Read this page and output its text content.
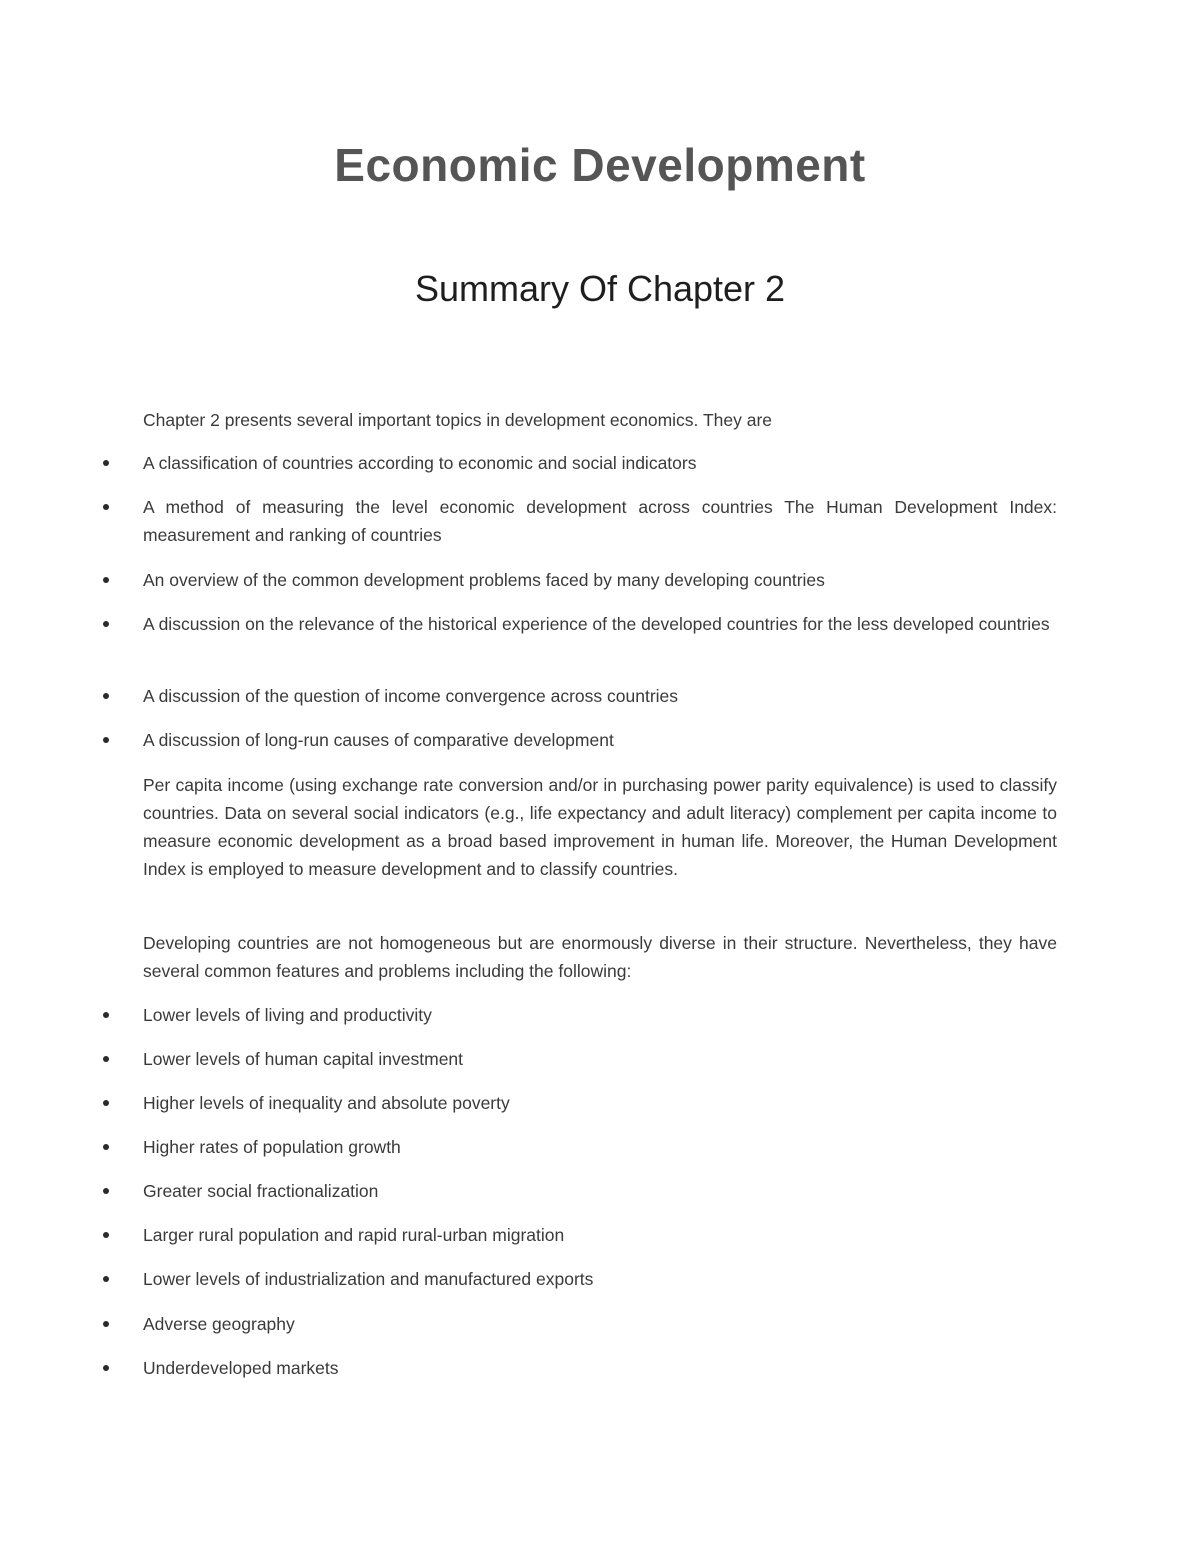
Economic Development
Summary Of Chapter 2

Chapter 2 presents several important topics in development economics. They are

A classification of countries according to economic and social indicators
A method of measuring the level economic development across countries The Human Development Index: measurement and ranking of countries
An overview of the common development problems faced by many developing countries
A discussion on the relevance of the historical experience of the developed countries for the less developed countries
A discussion of the question of income convergence across countries
A discussion of long-run causes of comparative development

Per capita income (using exchange rate conversion and/or in purchasing power parity equivalence) is used to classify countries. Data on several social indicators (e.g., life expectancy and adult literacy) complement per capita income to measure economic development as a broad based improvement in human life. Moreover, the Human Development Index is employed to measure development and to classify countries.

Developing countries are not homogeneous but are enormously diverse in their structure. Nevertheless, they have several common features and problems including the following:

Lower levels of living and productivity
Lower levels of human capital investment
Higher levels of inequality and absolute poverty
Higher rates of population growth
Greater social fractionalization
Larger rural population and rapid rural-urban migration
Lower levels of industrialization and manufactured exports
Adverse geography
Underdeveloped markets
